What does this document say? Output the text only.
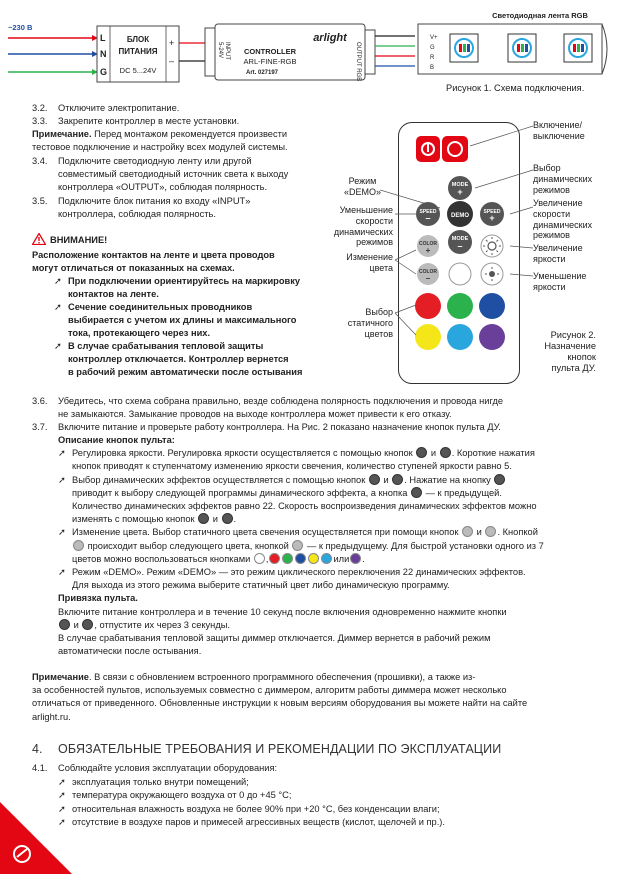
~230 В
L
N
G
БЛОК
ПИТАНИЯ
DC 5...24V
+
–
INPUT
5-24V
arlight
CONTROLLER
ARL-FINE-RGB
Art. 027197	OUTPUT RGB
Светодиодная лента RGB
V+
G
R
B
Рисунок 1. Схема подключения.
3.2. Отключите электропитание.
3.3. Закрепите контроллер в месте установки.
Примечание. Перед монтажом рекомендуется произвести
тестовое подключение и настройку всех модулей системы.
3.4. Подключите светодиодную ленту или другой
совместимый светодиодный источник света к выходу
контроллера «OUTPUT», соблюдая полярность.
3.5. Подключите блок питания ко входу «INPUT»
контроллера, соблюдая полярность.
ВНИМАНИЕ!
Расположение контактов на ленте и цвета проводов
могут отличаться от показанных на схемах.
➚ При подключении ориентируйтесь на маркировку
контактов на ленте.
➚ Сечение соединительных проводников
выбирается с учетом их длины и максимального
тока, протекающего через них.
➚ В случае срабатывания тепловой защиты
контроллер отключается. Контроллер вернется
в рабочий режим автоматически после остывания
MODE
+
SPEED
–	DEMO
SPEED
+
MODE
–
COLOR
+
COLOR
–
Режим
«DEMO»
Уменьшение
скорости
динамических
режимов
Изменение
цвета
Выбор
статичного
цветов
Включение/
выключение
Выбор
динамических
режимов
Увеличение
скорости
динамических
режимов
Увеличение
яркости
Уменьшение
яркости
Рисунок 2.
Назначение
кнопок
пульта ДУ.
3.6. Убедитесь, что схема собрана правильно, везде соблюдена полярность подключения и провода нигде
не замыкаются. Замыкание проводов на выходе контроллера может привести к его отказу.
3.7. Включите питание и проверьте работу контроллера. На Рис. 2 показано назначение кнопок пульта ДУ.
Описание кнопок пульта:
➚ Регулировка яркости. Регулировка яркости осуществляется с помощью кнопок и . Короткие нажатия
кнопок приводят к ступенчатому изменению яркости свечения, количество ступеней яркости равно 5.
➚ Выбор динамических эффектов осуществляется с помощью кнопок и . Нажатие на кнопку
приводит к выбору следующей программы динамического эффекта, а кнопка — к предыдущей.
Количество динамических эффектов равно 22. Скорость воспроизведения динамических эффектов можно
изменять с помощью кнопок и .
➚ Изменение цвета. Выбор статичного цвета свечения осуществляется при помощи кнопок и . Кнопкой
происходит выбор следующего цвета, кнопкой — к предыдущему. Для быстрой установки одного из 7
цветов можно воспользоваться кнопками ,	или .
➚ Режим «DEMO». Режим «DEMO» — это режим циклического переключения 22 динамических эффектов.
Для выхода из этого режима выберите статичный цвет либо динамическую программу.
Привязка пульта.
Включите питание контроллера и в течение 10 секунд после включения одновременно нажмите кнопки
и , отпустите их через 3 секунды.
В случае срабатывания тепловой защиты диммер отключается. Диммер вернется в рабочий режим
автоматически после остывания.
Примечание. В связи с обновлением встроенного программного обеспечения (прошивки), а также из-
за особенностей пультов, используемых совместно с диммером, алгоритм работы диммера может несколько
отличаться от приведенного. Обновленные инструкции к новым версиям оборудования вы можете найти на сайте
arlight.ru.
4. ОБЯЗАТЕЛЬНЫЕ ТРЕБОВАНИЯ И РЕКОМЕНДАЦИИ ПО ЭКСПЛУАТАЦИИ
4.1. Соблюдайте условия эксплуатации оборудования:
➚ эксплуатация только внутри помещений;
➚ температура окружающего воздуха от 0 до +45 °C;
➚ относительная влажность воздуха не более 90% при +20 °C, без конденсации влаги;
➚ отсутствие в воздухе паров и примесей агрессивных веществ (кислот, щелочей и пр.).
